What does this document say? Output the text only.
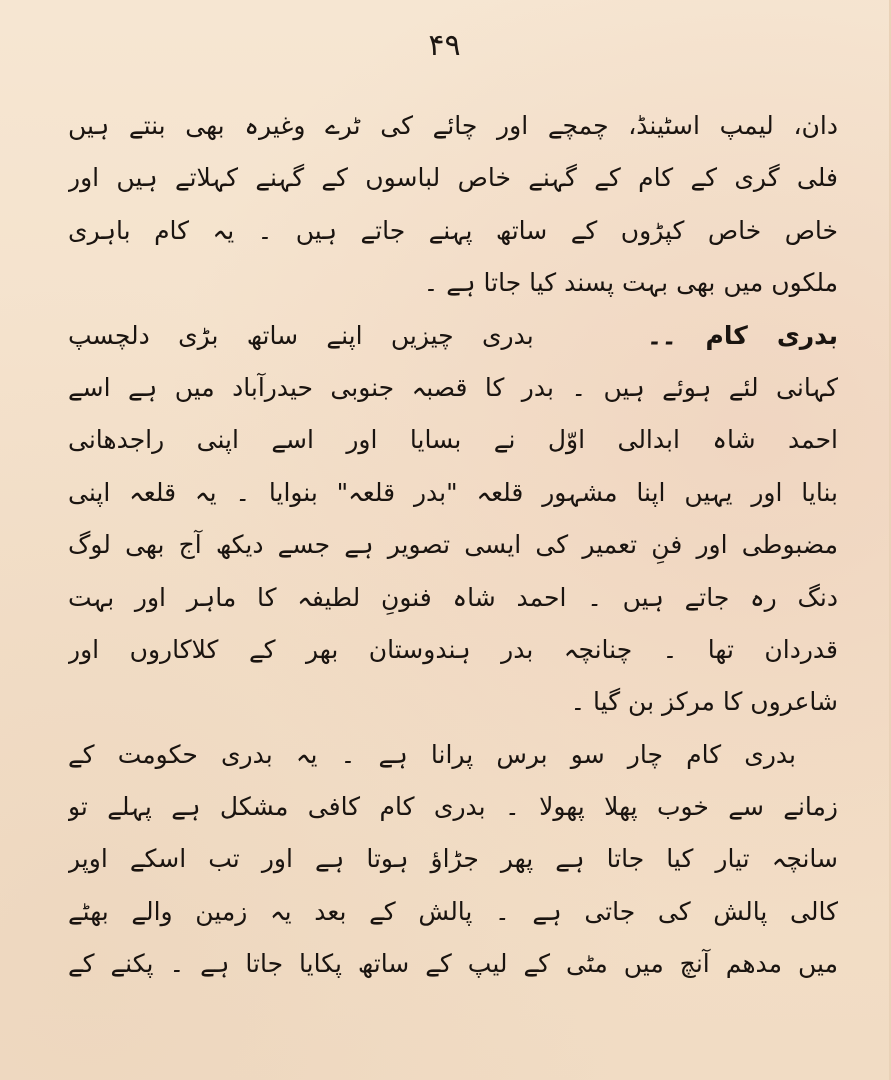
۴۹
دان، لیمپ اسٹینڈ، چمچے اور چائے کی ٹرے وغیرہ بھی بنتے ہیں
فلی گری کے کام کے گہنے خاص لباسوں کے گہنے کہلاتے ہیں اور
خاص خاص کپڑوں کے ساتھ پہنے جاتے ہیں ۔ یہ کام باہری
ملکوں میں بھی بہت پسند کیا جاتا ہے ۔
بدری کام ۔۔    بدری چیزیں اپنے ساتھ بڑی دلچسپ
کہانی لئے ہوئے ہیں ۔ بدر کا قصبہ جنوبی حیدرآباد میں ہے اسے
احمد شاہ ابدالی اوّل نے بسایا اور اسے اپنی راجدھانی
بنایا اور یہیں اپنا مشہور قلعہ "بدر قلعہ" بنوایا ۔ یہ قلعہ اپنی
مضبوطی اور فنِ تعمیر کی ایسی تصویر ہے جسے دیکھ آج بھی لوگ
دنگ رہ جاتے ہیں ۔ احمد شاہ فنونِ لطیفہ کا ماہر اور بہت
قدردان تھا ۔ چنانچہ بدر ہندوستان بھر کے کلاکاروں اور
شاعروں کا مرکز بن گیا ۔
بدری کام چار سو برس پرانا ہے ۔ یہ بدری حکومت کے
زمانے سے خوب پھلا پھولا ۔ بدری کام کافی مشکل ہے پہلے تو
سانچہ تیار کیا جاتا ہے پھر جڑاؤ ہوتا ہے اور تب اسکے اوپر
کالی پالش کی جاتی ہے ۔ پالش کے بعد یہ زمین والے بھٹے
میں مدھم آنچ میں مٹی کے لیپ کے ساتھ پکایا جاتا ہے ۔ پکنے کے
